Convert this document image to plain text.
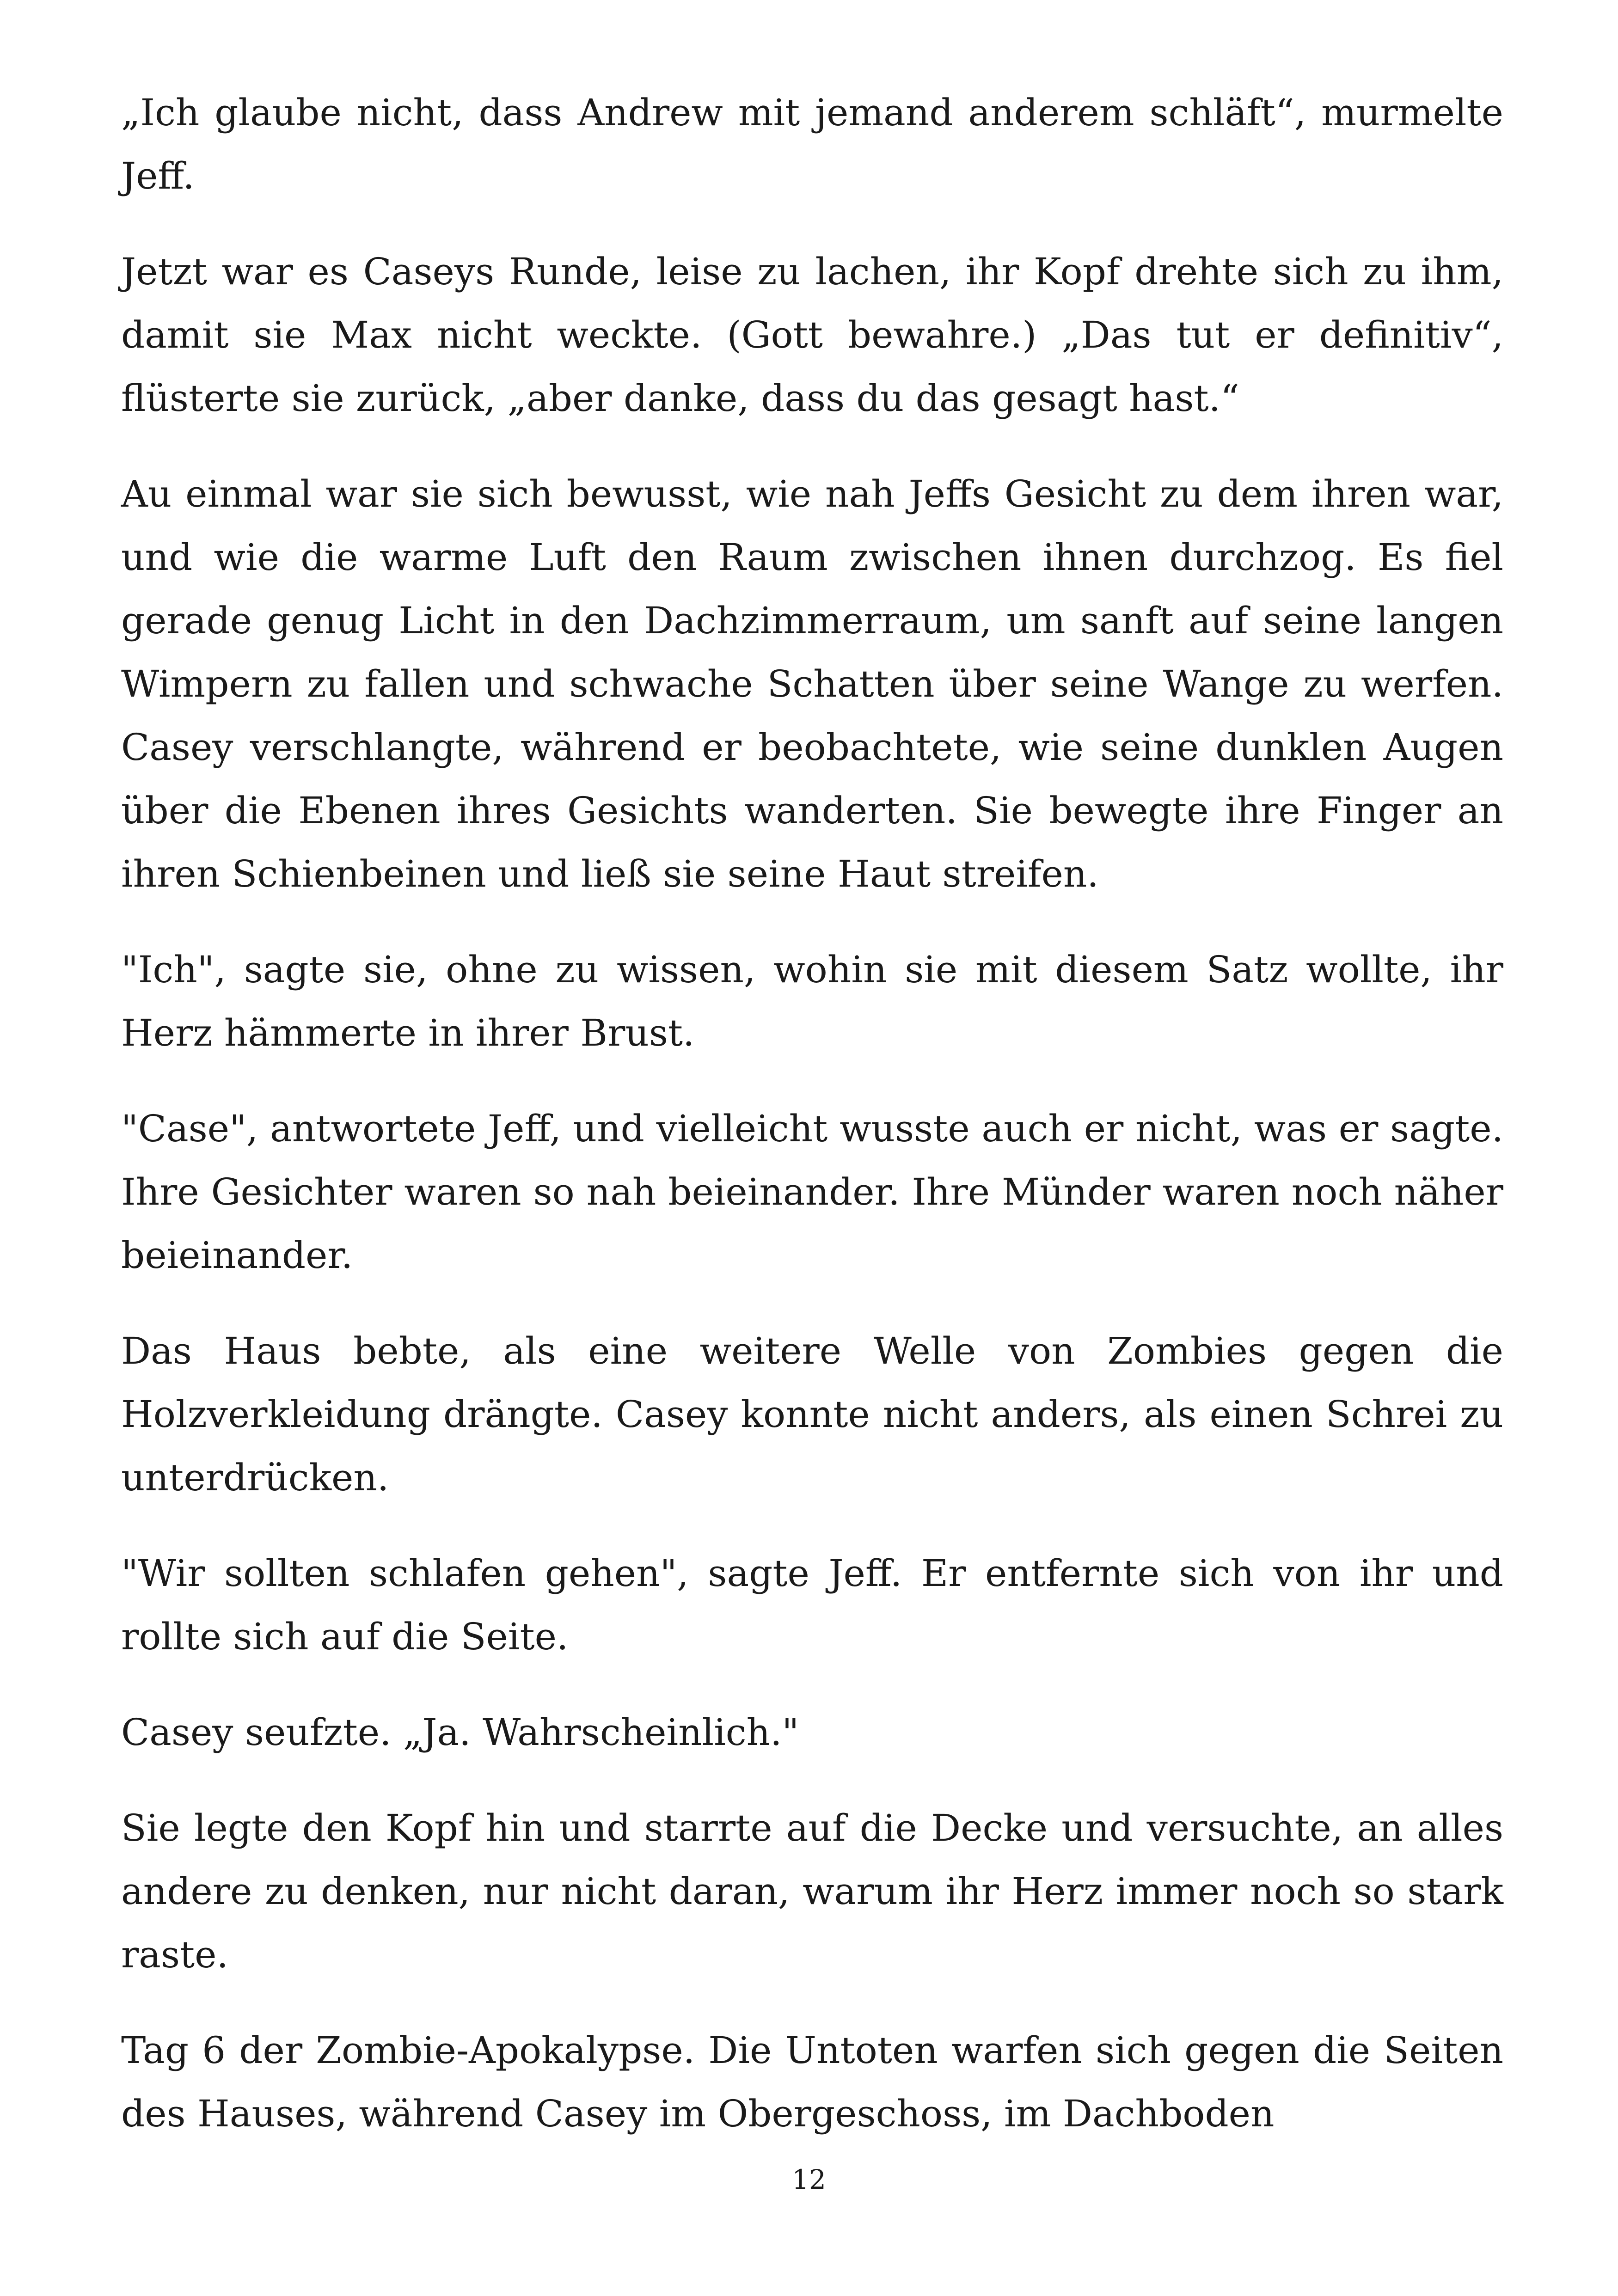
„Ich glaube nicht, dass Andrew mit jemand anderem schläft“, murmelte Jeff.

Jetzt war es Caseys Runde, leise zu lachen, ihr Kopf drehte sich zu ihm, damit sie Max nicht weckte. (Gott bewahre.) „Das tut er definitiv“, flüsterte sie zurück, „aber danke, dass du das gesagt hast.“

Au einmal war sie sich bewusst, wie nah Jeffs Gesicht zu dem ihren war, und wie die warme Luft den Raum zwischen ihnen durchzog. Es fiel gerade genug Licht in den Dachzimmerraum, um sanft auf seine langen Wimpern zu fallen und schwache Schatten über seine Wange zu werfen. Casey verschlangte, während er beobachtete, wie seine dunklen Augen über die Ebenen ihres Gesichts wanderten. Sie bewegte ihre Finger an ihren Schienbeinen und ließ sie seine Haut streifen.

"Ich", sagte sie, ohne zu wissen, wohin sie mit diesem Satz wollte, ihr Herz hämmerte in ihrer Brust.

"Case", antwortete Jeff, und vielleicht wusste auch er nicht, was er sagte. Ihre Gesichter waren so nah beieinander. Ihre Münder waren noch näher beieinander.

Das Haus bebte, als eine weitere Welle von Zombies gegen die Holzverkleidung drängte. Casey konnte nicht anders, als einen Schrei zu unterdrücken.

"Wir sollten schlafen gehen", sagte Jeff. Er entfernte sich von ihr und rollte sich auf die Seite.

Casey seufzte. „Ja. Wahrscheinlich."

Sie legte den Kopf hin und starrte auf die Decke und versuchte, an alles andere zu denken, nur nicht daran, warum ihr Herz immer noch so stark raste.

Tag 6 der Zombie-Apokalypse. Die Untoten warfen sich gegen die Seiten des Hauses, während Casey im Obergeschoss, im Dachboden

12
